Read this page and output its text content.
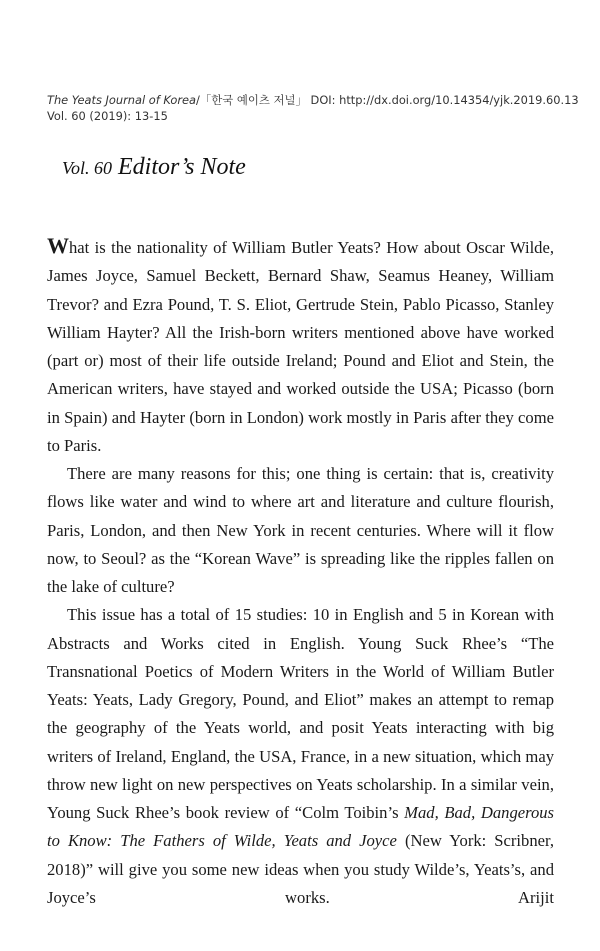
The Yeats Journal of Korea/「한국 예이츠 저널」 DOI: http://dx.doi.org/10.14354/yjk.2019.60.13
Vol. 60 (2019): 13-15
Vol. 60 Editor’s Note

What is the nationality of William Butler Yeats? How about Oscar Wilde, James Joyce, Samuel Beckett, Bernard Shaw, Seamus Heaney, William Trevor? and Ezra Pound, T. S. Eliot, Gertrude Stein, Pablo Picasso, Stanley William Hayter? All the Irish-born writers mentioned above have worked (part or) most of their life outside Ireland; Pound and Eliot and Stein, the American writers, have stayed and worked outside the USA; Picasso (born in Spain) and Hayter (born in London) work mostly in Paris after they come to Paris.

There are many reasons for this; one thing is certain: that is, creativity flows like water and wind to where art and literature and culture flourish, Paris, London, and then New York in recent centuries. Where will it flow now, to Seoul? as the “Korean Wave” is spreading like the ripples fallen on the lake of culture?

This issue has a total of 15 studies: 10 in English and 5 in Korean with Abstracts and Works cited in English. Young Suck Rhee’s “The Transnational Poetics of Modern Writers in the World of William Butler Yeats: Yeats, Lady Gregory, Pound, and Eliot” makes an attempt to remap the geography of the Yeats world, and posit Yeats interacting with big writers of Ireland, England, the USA, France, in a new situation, which may throw new light on new perspectives on Yeats scholarship. In a similar vein, Young Suck Rhee’s book review of “Colm Toibin’s Mad, Bad, Dangerous to Know: The Fathers of Wilde, Yeats and Joyce (New York: Scribner, 2018)” will give you some new ideas when you study Wilde’s, Yeats’s, and Joyce’s works. Arijit
